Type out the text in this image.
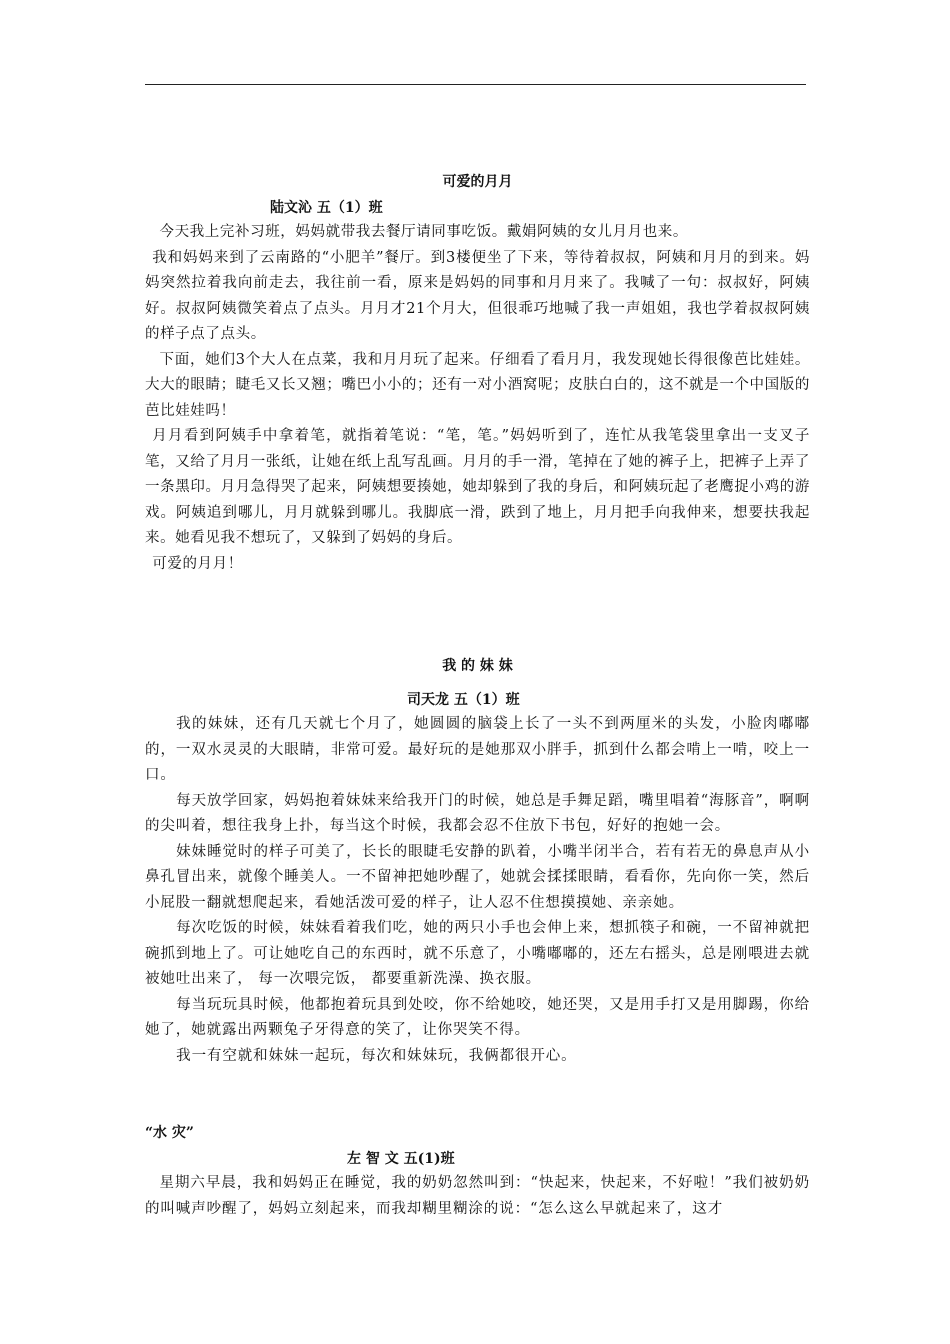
可爱的月月
陆文沁 五（1）班

今天我上完补习班，妈妈就带我去餐厅请同事吃饭。戴娟阿姨的女儿月月也来。

我和妈妈来到了云南路的“小肥羊”餐厅。到3楼便坐了下来，等待着叔叔，阿姨和月月的到来。妈妈突然拉着我向前走去，我往前一看，原来是妈妈的同事和月月来了。我喊了一句：叔叔好，阿姨好。叔叔阿姨微笑着点了点头。月月才21个月大，但很乖巧地喊了我一声姐姐，我也学着叔叔阿姨的样子点了点头。

下面，她们3个大人在点菜，我和月月玩了起来。仔细看了看月月，我发现她长得很像芭比娃娃。大大的眼睛；睫毛又长又翘；嘴巴小小的；还有一对小酒窝呢；皮肤白白的，这不就是一个中国版的芭比娃娃吗！

月月看到阿姨手中拿着笔，就指着笔说：“笔，笔。”妈妈听到了，连忙从我笔袋里拿出一支叉子笔，又给了月月一张纸，让她在纸上乱写乱画。月月的手一滑，笔掉在了她的裤子上，把裤子上弄了一条黑印。月月急得哭了起来，阿姨想要揍她，她却躲到了我的身后，和阿姨玩起了老鹰捉小鸡的游戏。阿姨追到哪儿，月月就躲到哪儿。我脚底一滑，跌到了地上，月月把手向我伸来，想要扶我起来。她看见我不想玩了，又躲到了妈妈的身后。

可爱的月月！

我 的 妹 妹
司天龙 五（1）班

我的妹妹，还有几天就七个月了，她圆圆的脑袋上长了一头不到两厘米的头发，小脸肉嘟嘟的，一双水灵灵的大眼睛，非常可爱。最好玩的是她那双小胖手，抓到什么都会啃上一啃，咬上一口。

每天放学回家，妈妈抱着妹妹来给我开门的时候，她总是手舞足蹈，嘴里唱着“海豚音”，啊啊的尖叫着，想往我身上扑，每当这个时候，我都会忍不住放下书包，好好的抱她一会。

妹妹睡觉时的样子可美了，长长的眼睫毛安静的趴着，小嘴半闭半合，若有若无的鼻息声从小鼻孔冒出来，就像个睡美人。一不留神把她吵醒了，她就会揉揉眼睛，看看你，先向你一笑，然后小屁股一翻就想爬起来，看她活泼可爱的样子，让人忍不住想摸摸她、亲亲她。

每次吃饭的时候，妹妹看着我们吃，她的两只小手也会伸上来，想抓筷子和碗，一不留神就把碗抓到地上了。可让她吃自己的东西时，就不乐意了，小嘴嘟嘟的，还左右摇头，总是刚喂进去就被她吐出来了， 每一次喂完饭， 都要重新洗澡、换衣服。

每当玩玩具时候，他都抱着玩具到处咬，你不给她咬，她还哭，又是用手打又是用脚踢，你给她了，她就露出两颗兔子牙得意的笑了，让你哭笑不得。

我一有空就和妹妹一起玩，每次和妹妹玩，我俩都很开心。

“水 灾”
左 智 文 五(1)班

星期六早晨，我和妈妈正在睡觉，我的奶奶忽然叫到：“快起来，快起来，不好啦！”我们被奶奶的叫喊声吵醒了，妈妈立刻起来，而我却糊里糊涂的说：“怎么这么早就起来了，这才
